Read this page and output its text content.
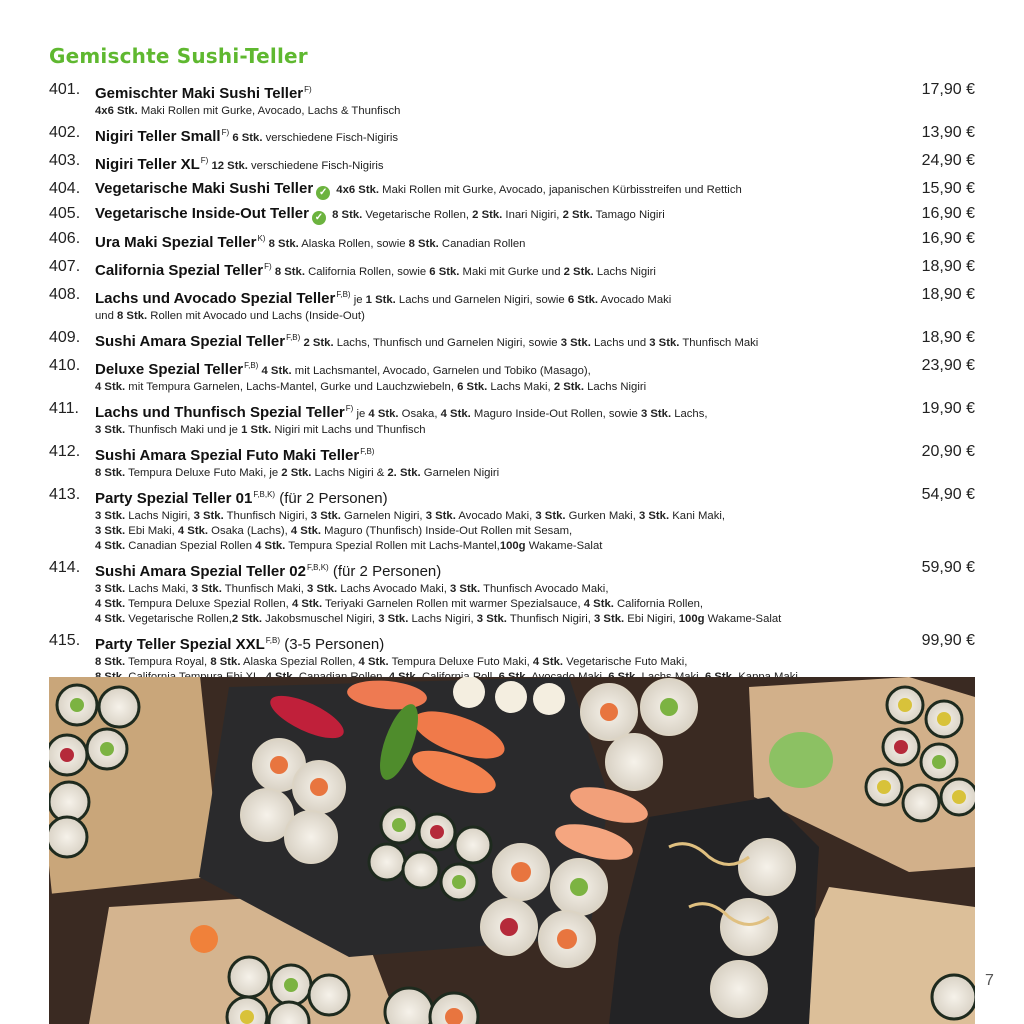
Gemischte Sushi-Teller
401. Gemischter Maki Sushi Teller$^{F)}$
4x6 Stk. Maki Rollen mit Gurke, Avocado, Lachs & Thunfisch
17,90 €
402. Nigiri Teller Small$^{F)}$ 6 Stk. verschiedene Fisch-Nigiris	13,90 €
403. Nigiri Teller $XL^{F)}$ 12 Stk. verschiedene Fisch-Nigiris	24,90 €
404. Vegetarische Maki Sushi Teller ✓ 4x6 Stk. Maki Rollen mit Gurke, Avocado, japanischen Kürbisstreifen und Rettich	15,90 €
405. Vegetarische Inside-Out Teller ✓ 8 Stk. Vegetarische Rollen, 2 Stk. Inari Nigiri, 2 Stk. Tamago Nigiri	16,90 €
406. Ura Maki Spezial Teller$^{K)}$ 8 Stk. Alaska Rollen, sowie 8 Stk. Canadian Rollen	16,90 €
407. California Spezial Teller$^{F)}$ 8 Stk. California Rollen, sowie 6 Stk. Maki mit Gurke und 2 Stk. Lachs Nigiri	18,90 €
408. Lachs und Avocado Spezial Teller$^{F,B)}$ je 1 Stk. Lachs und Garnelen Nigiri, sowie 6 Stk. Avocado Maki
und 8 Stk. Rollen mit Avocado und Lachs (Inside-Out)
18,90 €
409. Sushi Amara Spezial Teller$^{F,B)}$ 2 Stk. Lachs, Thunfisch und Garnelen Nigiri, sowie 3 Stk. Lachs und 3 Stk. Thunfisch Maki	18,90 €
410. Deluxe Spezial Teller$^{F,B)}$ 4 Stk. mit Lachsmantel, Avocado, Garnelen und Tobiko (Masago),
4 Stk. mit Tempura Garnelen, Lachs-Mantel, Gurke und Lauchzwiebeln, 6 Stk. Lachs Maki, 2 Stk. Lachs Nigiri
23,90 €
411. Lachs und Thunfisch Spezial Teller$^{F)}$ je 4 Stk. Osaka, 4 Stk. Maguro Inside-Out Rollen, sowie 3 Stk. Lachs,
3 Stk. Thunfisch Maki und je 1 Stk. Nigiri mit Lachs und Thunfisch
19,90 €
412. Sushi Amara Spezial Futo Maki Teller$^{F,B)}$
8 Stk. Tempura Deluxe Futo Maki, je 2 Stk. Lachs Nigiri & 2. Stk. Garnelen Nigiri
20,90 €
413. Party Spezial Teller $01^{F,B,K)}$ (für 2 Personen)
3 Stk. Lachs Nigiri, 3 Stk. Thunfisch Nigiri, 3 Stk. Garnelen Nigiri, 3 Stk. Avocado Maki, 3 Stk. Gurken Maki, 3 Stk. Kani Maki,
3 Stk. Ebi Maki, 4 Stk. Osaka (Lachs), 4 Stk. Maguro (Thunfisch) Inside-Out Rollen mit Sesam,
4 Stk. Canadian Spezial Rollen 4 Stk. Tempura Spezial Rollen mit Lachs-Mantel,100g Wakame-Salat
54,90 €
414. Sushi Amara Spezial Teller $02^{F,B,K)}$ (für 2 Personen)
3 Stk. Lachs Maki, 3 Stk. Thunfisch Maki, 3 Stk. Lachs Avocado Maki, 3 Stk. Thunfisch Avocado Maki,
4 Stk. Tempura Deluxe Spezial Rollen, 4 Stk. Teriyaki Garnelen Rollen mit warmer Spezialsauce, 4 Stk. California Rollen,
4 Stk. Vegetarische Rollen,2 Stk. Jakobsmuschel Nigiri, 3 Stk. Lachs Nigiri, 3 Stk. Thunfisch Nigiri, 3 Stk. Ebi Nigiri, 100g Wakame-Salat
59,90 €
415. Party Teller Spezial $XXL^{F,B)}$ (3-5 Personen)
8 Stk. Tempura Royal, 8 Stk. Alaska Spezial Rollen, 4 Stk. Tempura Deluxe Futo Maki, 4 Stk. Vegetarische Futo Maki,
99,90 €
7
